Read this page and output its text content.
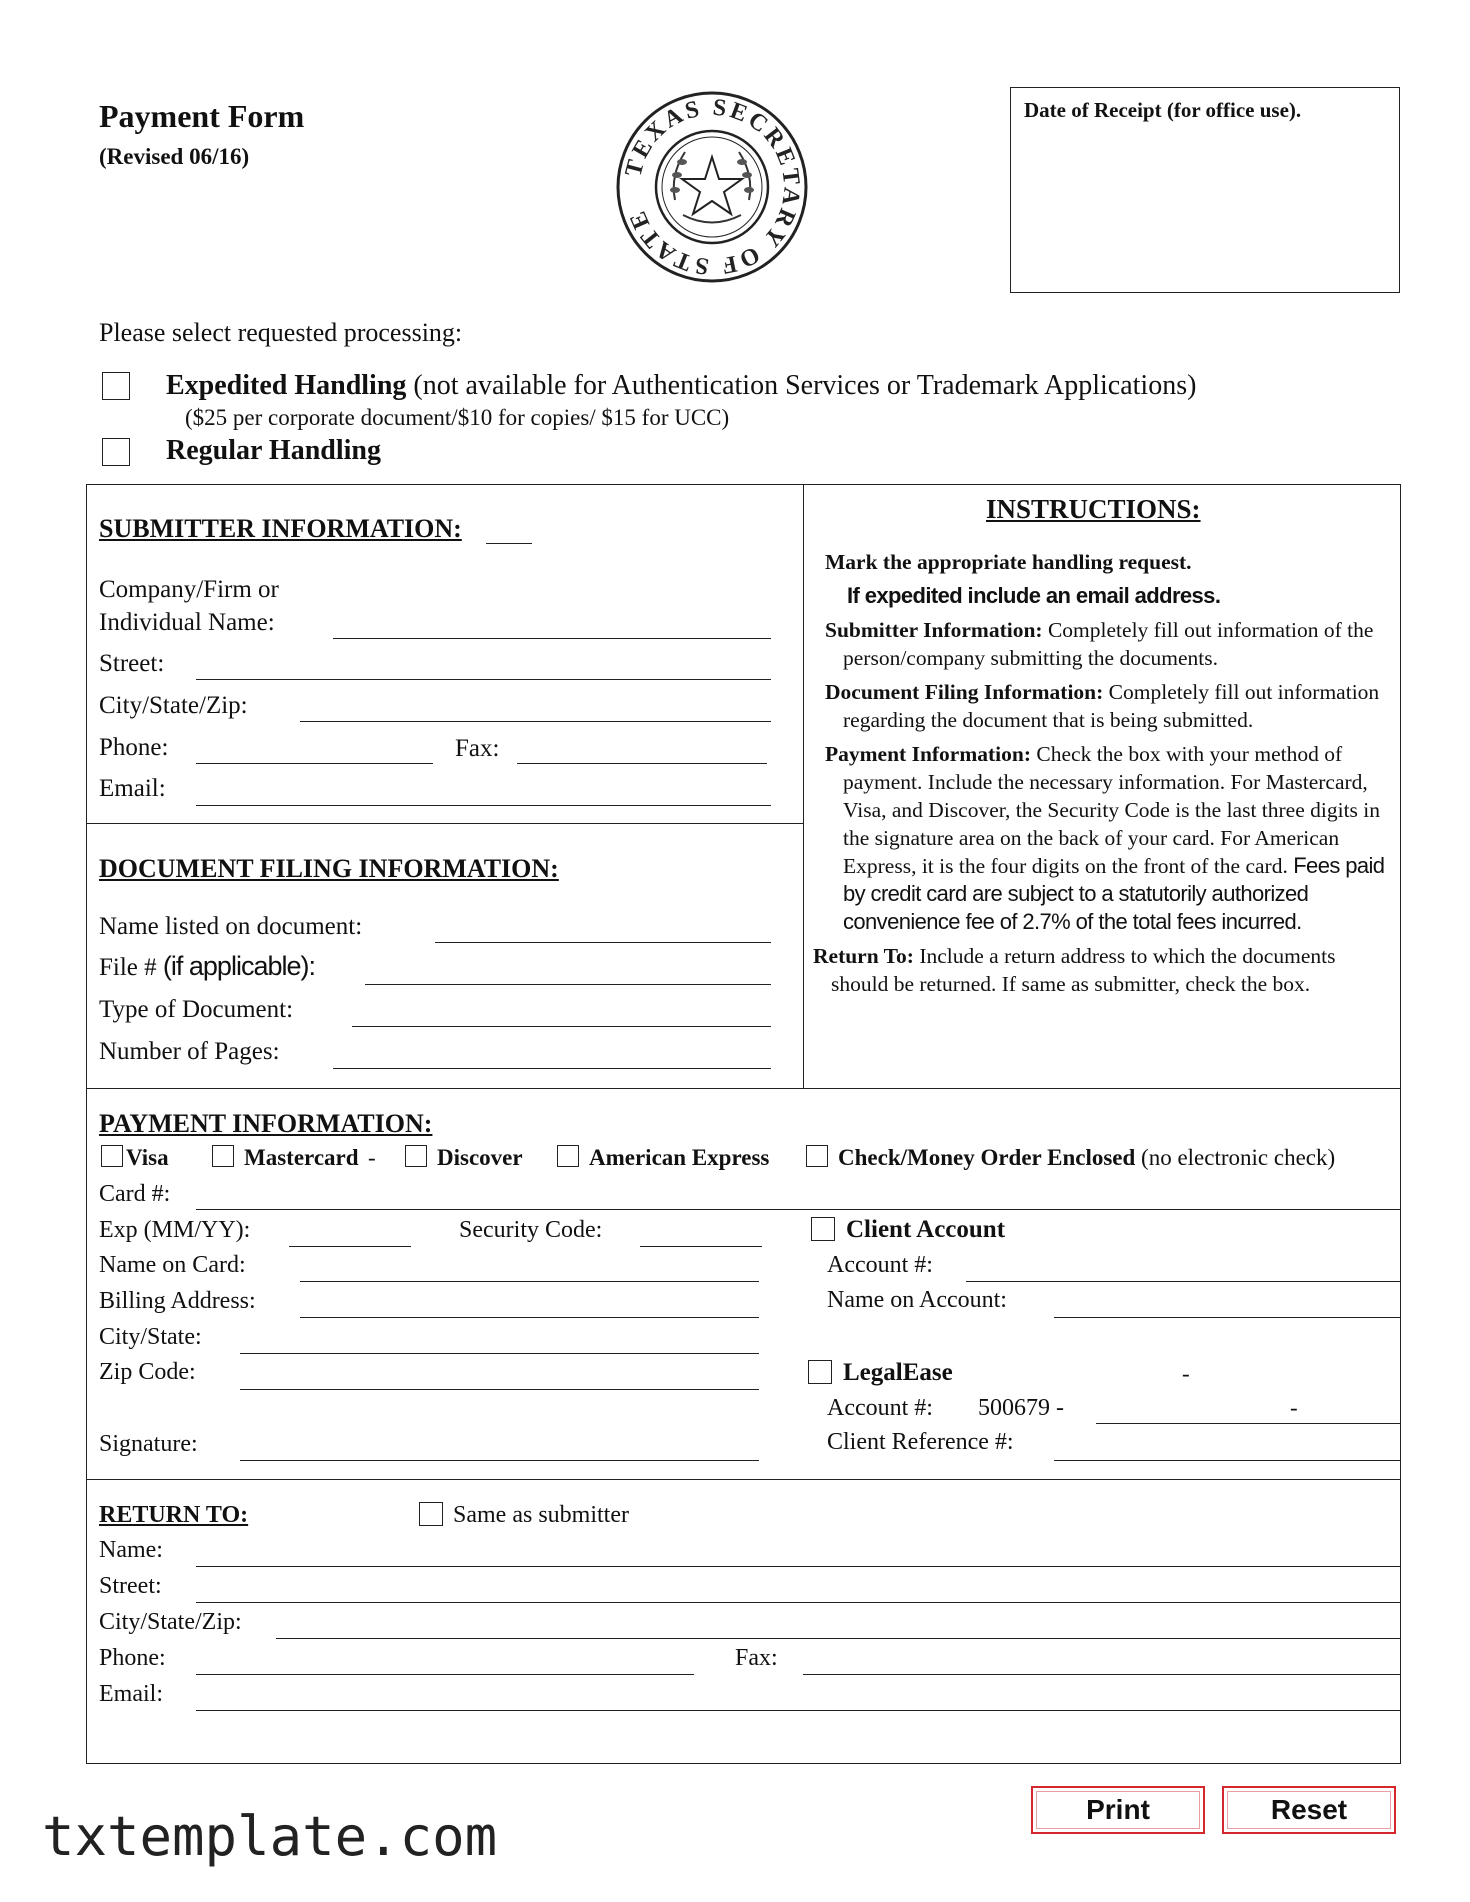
Payment Form
(Revised 06/16)	TEXAS SECRETARY OF STATE
Date of Receipt (for office use).
Please select requested processing:
Expedited Handling (not available for Authentication Services or Trademark Applications)
($25 per corporate document/$10 for copies/ $15 for UCC)
Regular Handling
SUBMITTER INFORMATION:
Company/Firm or
Individual Name:
Street:
City/State/Zip:
Phone:	Fax:
Email:
DOCUMENT FILING INFORMATION:
Name listed on document:
File # (if applicable):
Type of Document:
Number of Pages:
INSTRUCTIONS:

Mark the appropriate handling request.

If expedited include an email address.

Submitter Information: Completely fill out information of the person/company submitting the documents.

Document Filing Information: Completely fill out information regarding the document that is being submitted.

Payment Information: Check the box with your method of payment. Include the necessary information. For Mastercard, Visa, and Discover, the Security Code is the last three digits in the signature area on the back of your card. For American Express, it is the four digits on the front of the card. Fees paid by credit card are subject to a statutorily authorized convenience fee of 2.7% of the total fees incurred.

Return To: Include a return address to which the documents should be returned. If same as submitter, check the box.

PAYMENT INFORMATION:
Visa	Mastercard -	Discover	American Express	Check/Money Order Enclosed (no electronic check)
Card #:
Exp (MM/YY):	Security Code:
Name on Card:
Billing Address:
City/State:
Zip Code:
Signature:
Client Account
Account #:
Name on Account:
LegalEase	-
Account #: 500679 -	-
Client Reference #:
RETURN TO:	Same as submitter
Name:
Street:
City/State/Zip:
Phone:	Fax:
Email:
Print	Reset
txtemplate.com
